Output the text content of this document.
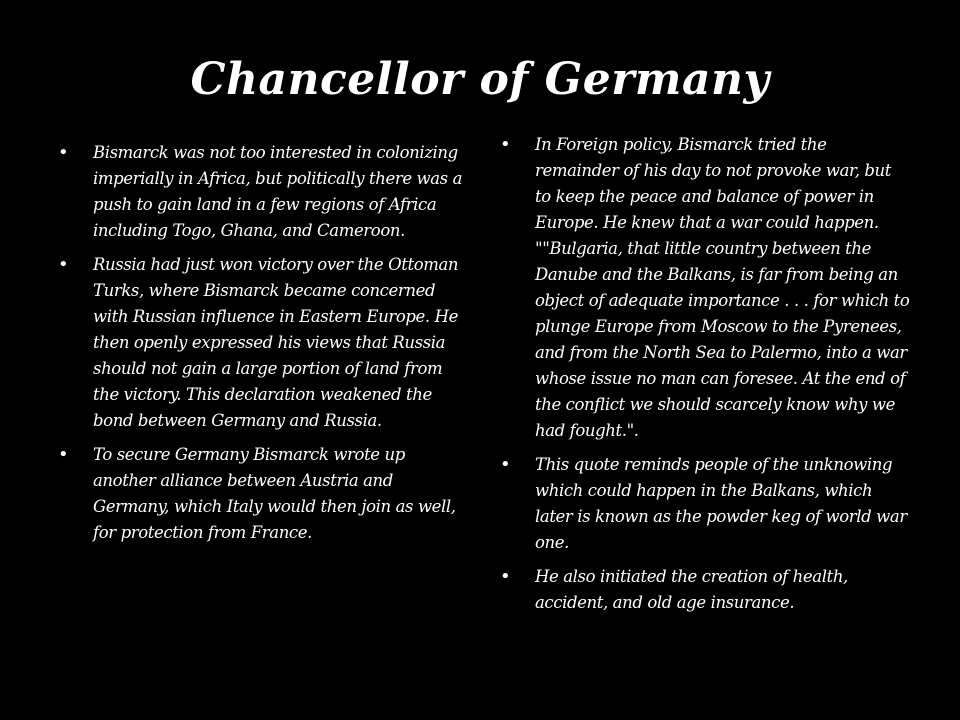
Chancellor of Germany
•	Bismarck was not too interested in colonizing imperially in Africa, but politically there was a push to gain land in a few regions of Africa including Togo, Ghana, and Cameroon.
•	Russia had just won victory over the Ottoman Turks, where Bismarck became concerned with Russian influence in Eastern Europe. He then openly expressed his views that Russia should not gain a large portion of land from the victory. This declaration weakened the bond between Germany and Russia.
•	To secure Germany Bismarck wrote up another alliance between Austria and Germany, which Italy would then join as well, for protection from France.
•	In Foreign policy, Bismarck tried the remainder of his day to not provoke war, but to keep the peace and balance of power in Europe. He knew that a war could happen. ""Bulgaria, that little country between the Danube and the Balkans, is far from being an object of adequate importance . . . for which to plunge Europe from Moscow to the Pyrenees, and from the North Sea to Palermo, into a war whose issue no man can foresee. At the end of the conflict we should scarcely know why we had fought.".
•	This quote reminds people of the unknowing which could happen in the Balkans, which later is known as the powder keg of world war one.
•	He also initiated the creation of health, accident, and old age insurance.
